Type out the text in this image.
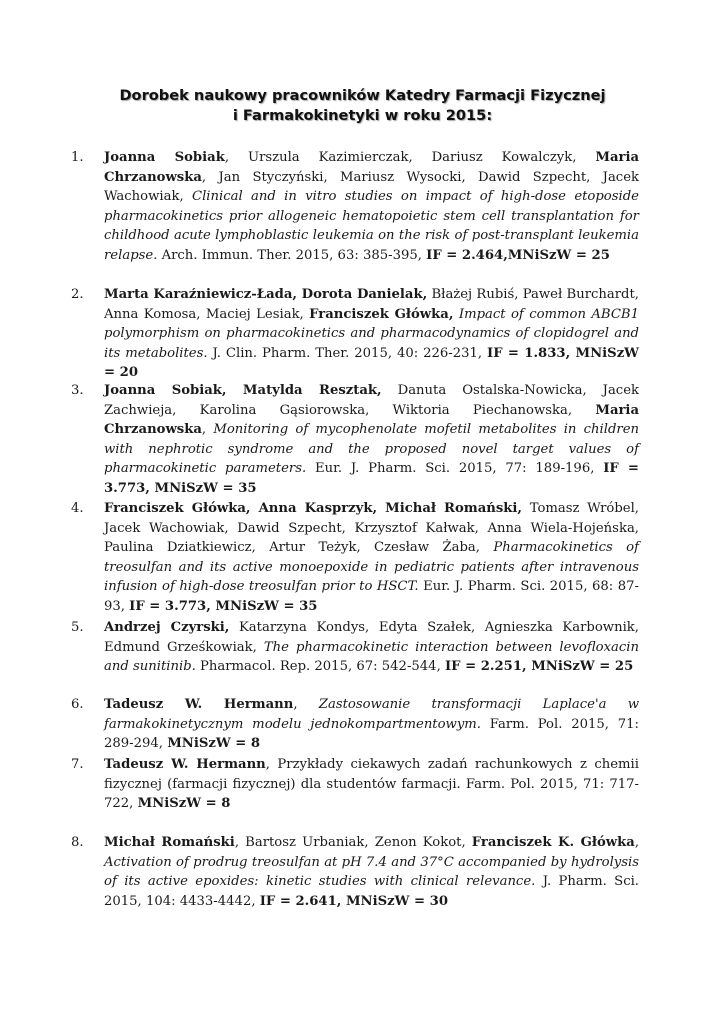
Dorobek naukowy pracowników Katedry Farmacji Fizycznej
i Farmakokinetyki w roku 2015:
1.	Joanna Sobiak, Urszula Kazimierczak, Dariusz Kowalczyk, Maria Chrzanowska, Jan Styczyński, Mariusz Wysocki, Dawid Szpecht, Jacek Wachowiak, Clinical and in vitro studies on impact of high-dose etoposide pharmacokinetics prior allogeneic hematopoietic stem cell transplantation for childhood acute lymphoblastic leukemia on the risk of post-transplant leukemia relapse. Arch. Immun. Ther. 2015, 63: 385-395, IF = 2.464,MNiSzW = 25
2.	Marta Karaźniewicz-Łada, Dorota Danielak, Błażej Rubiś, Paweł Burchardt, Anna Komosa, Maciej Lesiak, Franciszek Główka, Impact of common ABCB1 polymorphism on pharmacokinetics and pharmacodynamics of clopidogrel and its metabolites. J. Clin. Pharm. Ther. 2015, 40: 226-231, IF = 1.833, MNiSzW = 20
3.	Joanna Sobiak, Matylda Resztak, Danuta Ostalska-Nowicka, Jacek Zachwieja, Karolina Gąsiorowska, Wiktoria Piechanowska, Maria Chrzanowska, Monitoring of mycophenolate mofetil metabolites in children with nephrotic syndrome and the proposed novel target values of pharmacokinetic parameters. Eur. J. Pharm. Sci. 2015, 77: 189-196, IF = 3.773, MNiSzW = 35
4.	Franciszek Główka, Anna Kasprzyk, Michał Romański, Tomasz Wróbel, Jacek Wachowiak, Dawid Szpecht, Krzysztof Kałwak, Anna Wiela-Hojeńska, Paulina Dziatkiewicz, Artur Teżyk, Czesław Żaba, Pharmacokinetics of treosulfan and its active monoepoxide in pediatric patients after intravenous infusion of high-dose treosulfan prior to HSCT. Eur. J. Pharm. Sci. 2015, 68: 87-93, IF = 3.773, MNiSzW = 35
5.	Andrzej Czyrski, Katarzyna Kondys, Edyta Szałek, Agnieszka Karbownik, Edmund Grześkowiak, The pharmacokinetic interaction between levofloxacin and sunitinib. Pharmacol. Rep. 2015, 67: 542-544, IF = 2.251, MNiSzW = 25
6.	Tadeusz W. Hermann, Zastosowanie transformacji Laplace'a w farmakokinetycznym modelu jednokompartmentowym. Farm. Pol. 2015, 71: 289-294, MNiSzW = 8
7.	Tadeusz W. Hermann, Przykłady ciekawych zadań rachunkowych z chemii fizycznej (farmacji fizycznej) dla studentów farmacji. Farm. Pol. 2015, 71: 717-722, MNiSzW = 8
8.	Michał Romański, Bartosz Urbaniak, Zenon Kokot, Franciszek K. Główka, Activation of prodrug treosulfan at pH 7.4 and 37°C accompanied by hydrolysis of its active epoxides: kinetic studies with clinical relevance. J. Pharm. Sci. 2015, 104: 4433-4442, IF = 2.641, MNiSzW = 30
